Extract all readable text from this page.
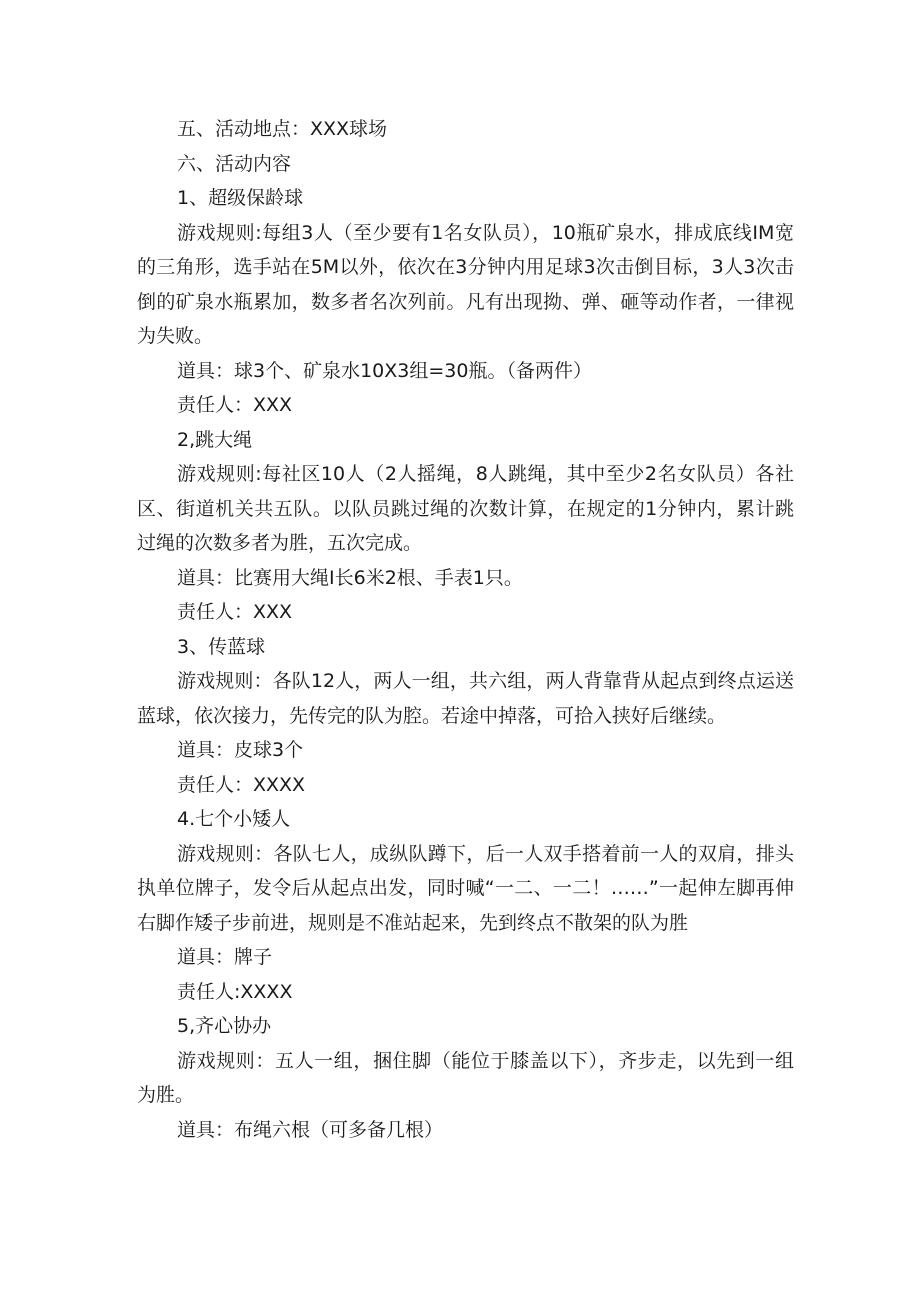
五、活动地点：XXX球场

六、活动内容

1、超级保龄球

游戏规则:每组3人（至少要有1名女队员），10瓶矿泉水，排成底线IM宽的三角形，选手站在5M以外，依次在3分钟内用足球3次击倒目标，3人3次击倒的矿泉水瓶累加，数多者名次列前。凡有出现拗、弹、砸等动作者，一律视为失败。

道具：球3个、矿泉水10X3组=30瓶。（备两件）

责任人：XXX

2,跳大绳

游戏规则:每社区10人（2人摇绳，8人跳绳，其中至少2名女队员）各社区、街道机关共五队。以队员跳过绳的次数计算，在规定的1分钟内，累计跳过绳的次数多者为胜，五次完成。

道具：比赛用大绳I长6米2根、手表1只。

责任人：XXX

3、传蓝球

游戏规则：各队12人，两人一组，共六组，两人背靠背从起点到终点运送蓝球，依次接力，先传完的队为腔。若途中掉落，可拾入挟好后继续。

道具：皮球3个

责任人：XXXX

4.七个小矮人

游戏规则：各队七人，成纵队蹲下，后一人双手搭着前一人的双肩，排头执单位牌子，发令后从起点出发，同时喊“一二、一二！……”一起伸左脚再伸右脚作矮子步前进，规则是不准站起来，先到终点不散架的队为胜

道具：牌子

责任人:XXXX

5,齐心协办

游戏规则：五人一组，捆住脚（能位于膝盖以下），齐步走，以先到一组为胜。

道具：布绳六根（可多备几根）
